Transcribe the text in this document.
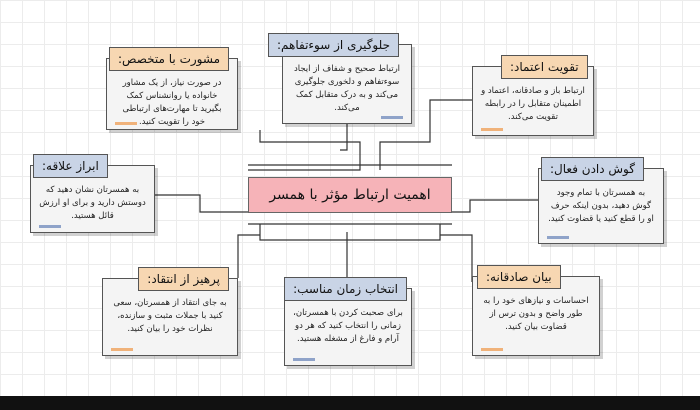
مشورت با متخصص:
در صورت نیاز، از یک مشاور خانواده یا روانشناس کمک بگیرید تا مهارت‌های ارتباطی خود را تقویت کنید.
جلوگیری از سوءتفاهم:
ارتباط صحیح و شفاف از ایجاد سوءتفاهم و دلخوری جلوگیری می‌کند و به درک متقابل کمک می‌کند.
تقویت اعتماد:
ارتباط باز و صادقانه، اعتماد و اطمینان متقابل را در رابطه تقویت می‌کند.
ابراز علاقه:
به همسرتان نشان دهید که دوستش دارید و برای او ارزش قائل هستید.
گوش دادن فعال:
به همسرتان با تمام وجود گوش دهید، بدون اینکه حرف او را قطع کنید یا قضاوت کنید.
پرهیز از انتقاد:
به جای انتقاد از همسرتان، سعی کنید با جملات مثبت و سازنده، نظرات خود را بیان کنید.
انتخاب زمان مناسب:
برای صحبت کردن با همسرتان، زمانی را انتخاب کنید که هر دو آرام و فارغ از مشغله هستید.
بیان صادقانه:
احساسات و نیازهای خود را به طور واضح و بدون ترس از قضاوت بیان کنید.
اهمیت ارتباط مؤثر با همسر
